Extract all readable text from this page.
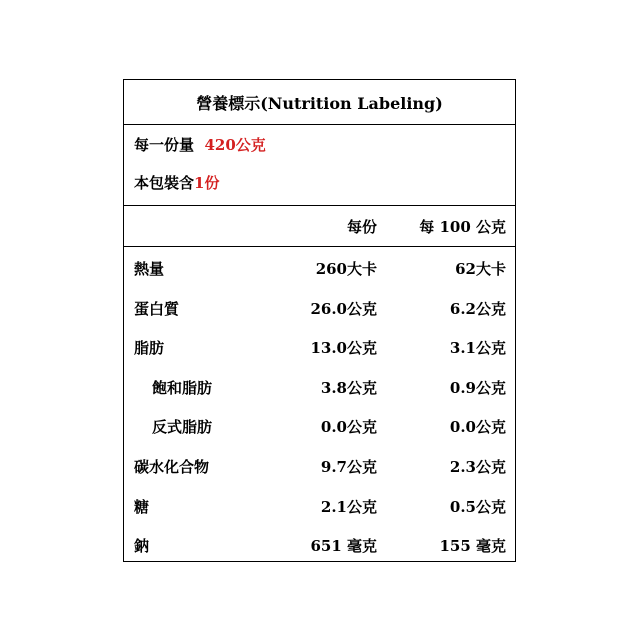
營養標示(Nutrition Labeling)
每一份量 420公克
本包裝含1份
每份	每 100 公克
熱量	260大卡	62大卡
蛋白質	26.0公克	6.2公克
脂肪	13.0公克	3.1公克
飽和脂肪	3.8公克	0.9公克
反式脂肪	0.0公克	0.0公克
碳水化合物	9.7公克	2.3公克
糖	2.1公克	0.5公克
鈉	651 毫克	155 毫克
